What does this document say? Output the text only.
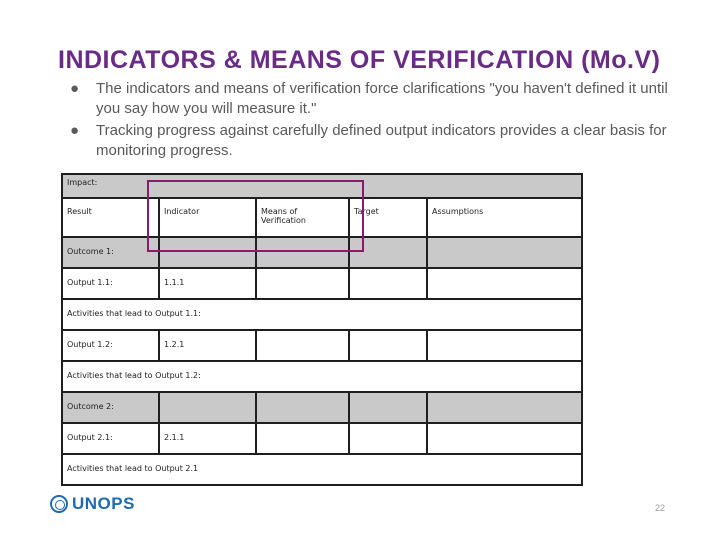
INDICATORS & MEANS OF VERIFICATION (Mo.V)
● The indicators and means of verification force clarifications "you haven't defined it until you say how you will measure it."
● Tracking progress against carefully defined output indicators provides a clear basis for monitoring progress.
Impact:				
Result	Indicator	Means of Verification	Target	Assumptions
Outcome 1:				
Output 1.1:	1.1.1			
Activities that lead to Output 1.1:				
Output 1.2:	1.2.1			
Activities that lead to Output 1.2:				
Outcome 2:				
Output 2.1:	2.1.1			
Activities that lead to Output 2.1				
UNOPS	22
